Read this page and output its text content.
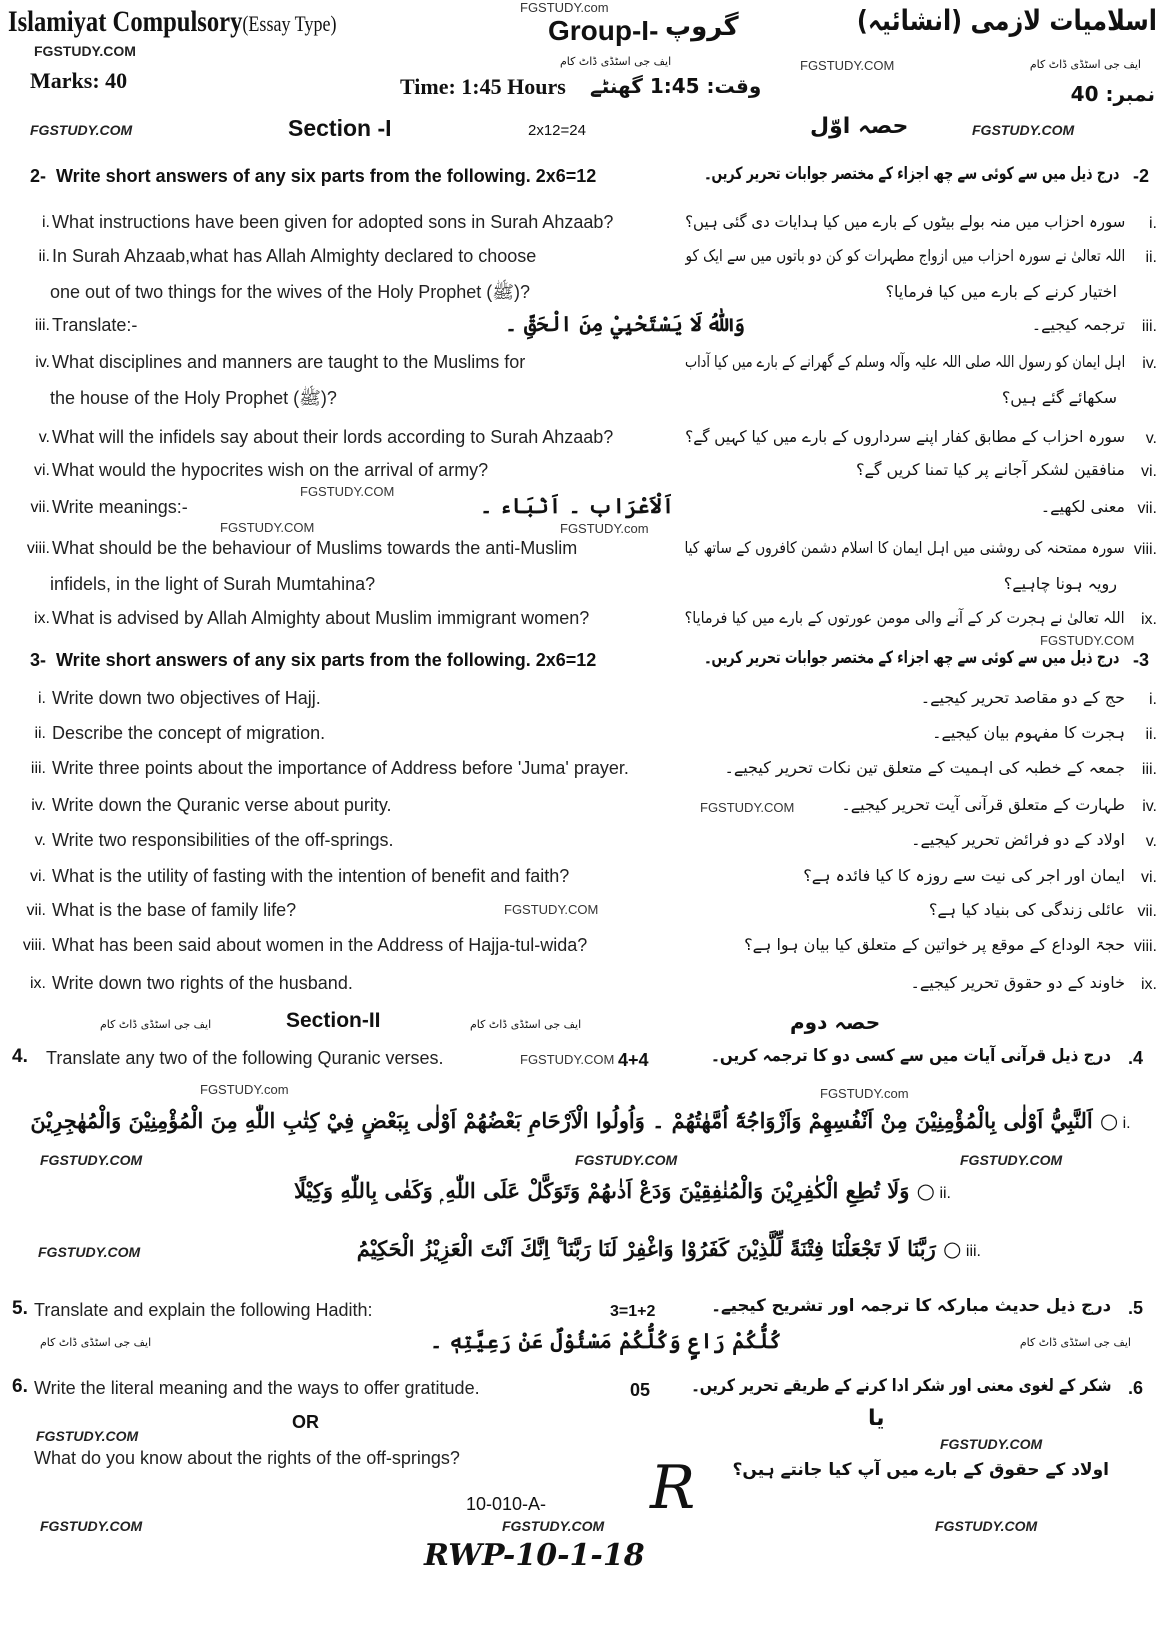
Islamiyat Compulsory(Essay Type)
FGSTUDY.com
Group-I- گروپ	اسلامیات لازمی (انشائیہ)
FGSTUDY.COM
FGSTUDY.COM
ایف جی اسٹڈی ڈاٹ کام	ایف جی اسٹڈی ڈاٹ کام
Marks: 40	Time: 1:45 Hours وقت: 1:45 گھنٹے	نمبر: 40
FGSTUDY.COM	Section -I	2x12=24	حصہ اوّل	FGSTUDY.COM
2- Write short answers of any six parts from the following. 2x6=12	درج ذیل میں سے کوئی سے چھ اجزاء کے مختصر جوابات تحریر کریں۔ -2
i. What instructions have been given for adopted sons in Surah Ahzaab?	سورہ احزاب میں منہ بولے بیٹوں کے بارے میں کیا ہدایات دی گئی ہیں؟ i.
ii. In Surah Ahzaab,what has Allah Almighty declared to choose
one out of two things for the wives of the Holy Prophet (ﷺ)?
اللہ تعالیٰ نے سورہ احزاب میں ازواج مطہرات کو کن دو باتوں میں سے ایک کو
اختیار کرنے کے بارے میں کیا فرمایا؟
ii.
iii. Translate:-	ترجمہ کیجیے۔ iii.
وَاللّٰهُ لَا يَسْتَحْيِيْ مِنَ الْحَقِّ ۔
iv. What disciplines and manners are taught to the Muslims for
the house of the Holy Prophet (ﷺ)?
اہل ایمان کو رسول اللہ صلی اللہ علیہ وآلہ وسلم کے گھرانے کے بارے میں کیا آداب
سکھائے گئے ہیں؟
iv.
v. What will the infidels say about their lords according to Surah Ahzaab?	سورہ احزاب کے مطابق کفار اپنے سرداروں کے بارے میں کیا کہیں گے؟ v.
vi. What would the hypocrites wish on the arrival of army?	منافقین لشکر آجانے پر کیا تمنا کریں گے؟ vi.
vii. Write meanings:-	معنی لکھیے۔ vii.
اَلْاَعْرَاب ۔ اَنْبَاء ۔
viii. What should be the behaviour of Muslims towards the anti-Muslim
infidels, in the light of Surah Mumtahina?
سورہ ممتحنہ کی روشنی میں اہل ایمان کا اسلام دشمن کافروں کے ساتھ کیا
رویہ ہونا چاہیے؟
viii.
ix. What is advised by Allah Almighty about Muslim immigrant women?	اللہ تعالیٰ نے ہجرت کر کے آنے والی مومن عورتوں کے بارے میں کیا فرمایا؟ ix.
3- Write short answers of any six parts from the following. 2x6=12	درج ذیل میں سے کوئی سے چھ اجزاء کے مختصر جوابات تحریر کریں۔ -3
i. Write down two objectives of Hajj.	حج کے دو مقاصد تحریر کیجیے۔ i.
ii. Describe the concept of migration.	ہجرت کا مفہوم بیان کیجیے۔ ii.
iii. Write three points about the importance of Address before 'Juma' prayer.	جمعہ کے خطبہ کی اہمیت کے متعلق تین نکات تحریر کیجیے۔ iii.
iv. Write down the Quranic verse about purity.	طہارت کے متعلق قرآنی آیت تحریر کیجیے۔ iv.
v. Write two responsibilities of the off-springs.	اولاد کے دو فرائض تحریر کیجیے۔ v.
vi. What is the utility of fasting with the intention of benefit and faith?	ایمان اور اجر کی نیت سے روزہ کا کیا فائدہ ہے؟ vi.
vii. What is the base of family life?	عائلی زندگی کی بنیاد کیا ہے؟ vii.
viii. What has been said about women in the Address of Hajja-tul-wida?	حجۃ الوداع کے موقع پر خواتین کے متعلق کیا بیان ہوا ہے؟ viii.
ix. Write down two rights of the husband.	خاوند کے دو حقوق تحریر کیجیے۔ ix.
FGSTUDY.COM
FGSTUDY.COM	FGSTUDY.com
FGSTUDY.COM
FGSTUDY.COM
FGSTUDY.COM
ایف جی اسٹڈی ڈاٹ کام	Section-II	ایف جی اسٹڈی ڈاٹ کام	حصہ دوم
4. Translate any two of the following Quranic verses.	FGSTUDY.COM 4+4	درج ذیل قرآنی آیات میں سے کسی دو کا ترجمہ کریں۔ .4
FGSTUDY.com	FGSTUDY.com
اَلنَّبِيُّ اَوْلٰى بِالْمُؤْمِنِيْنَ مِنْ اَنْفُسِهِمْ وَاَزْوَاجُهٗٓ اُمَّهٰتُهُمْ ۔ وَاُولُوا الْاَرْحَامِ بَعْضُهُمْ اَوْلٰى بِبَعْضٍ فِيْ كِتٰبِ اللّٰهِ مِنَ الْمُؤْمِنِيْنَ وَالْمُهٰجِرِيْنَ ○ i.
FGSTUDY.COM	FGSTUDY.COM	FGSTUDY.COM
وَلَا تُطِعِ الْكٰفِرِيْنَ وَالْمُنٰفِقِيْنَ وَدَعْ اَذٰىهُمْ وَتَوَكَّلْ عَلَى اللّٰهِ ۭ وَكَفٰى بِاللّٰهِ وَكِيْلًا ○ ii.
FGSTUDY.COM	رَبَّنَا لَا تَجْعَلْنَا فِتْنَةً لِّلَّذِيْنَ كَفَرُوْا وَاغْفِرْ لَنَا رَبَّنَا ۚ اِنَّكَ اَنْتَ الْعَزِيْزُ الْحَكِيْمُ ○ iii.
5. Translate and explain the following Hadith:	3=1+2	درج ذیل حدیث مبارکہ کا ترجمہ اور تشریح کیجیے۔ .5
ایف جی اسٹڈی ڈاٹ کام	ایف جی اسٹڈی ڈاٹ کام
كُلُّكُمْ رَاعٍ وَكُلُّكُمْ مَسْئُوْلٌ عَنْ رَعِيَّتِهٖ ۔
6. Write the literal meaning and the ways to offer gratitude.	05 شکر کے لغوی معنی اور شکر ادا کرنے کے طریقے تحریر کریں۔ .6
OR	یا
FGSTUDY.COM	FGSTUDY.COM
What do you know about the rights of the off-springs?
اولاد کے حقوق کے بارے میں آپ کیا جانتے ہیں؟
10-010-A- R
FGSTUDY.COM	FGSTUDY.COM	FGSTUDY.COM
RWP-10-1-18
